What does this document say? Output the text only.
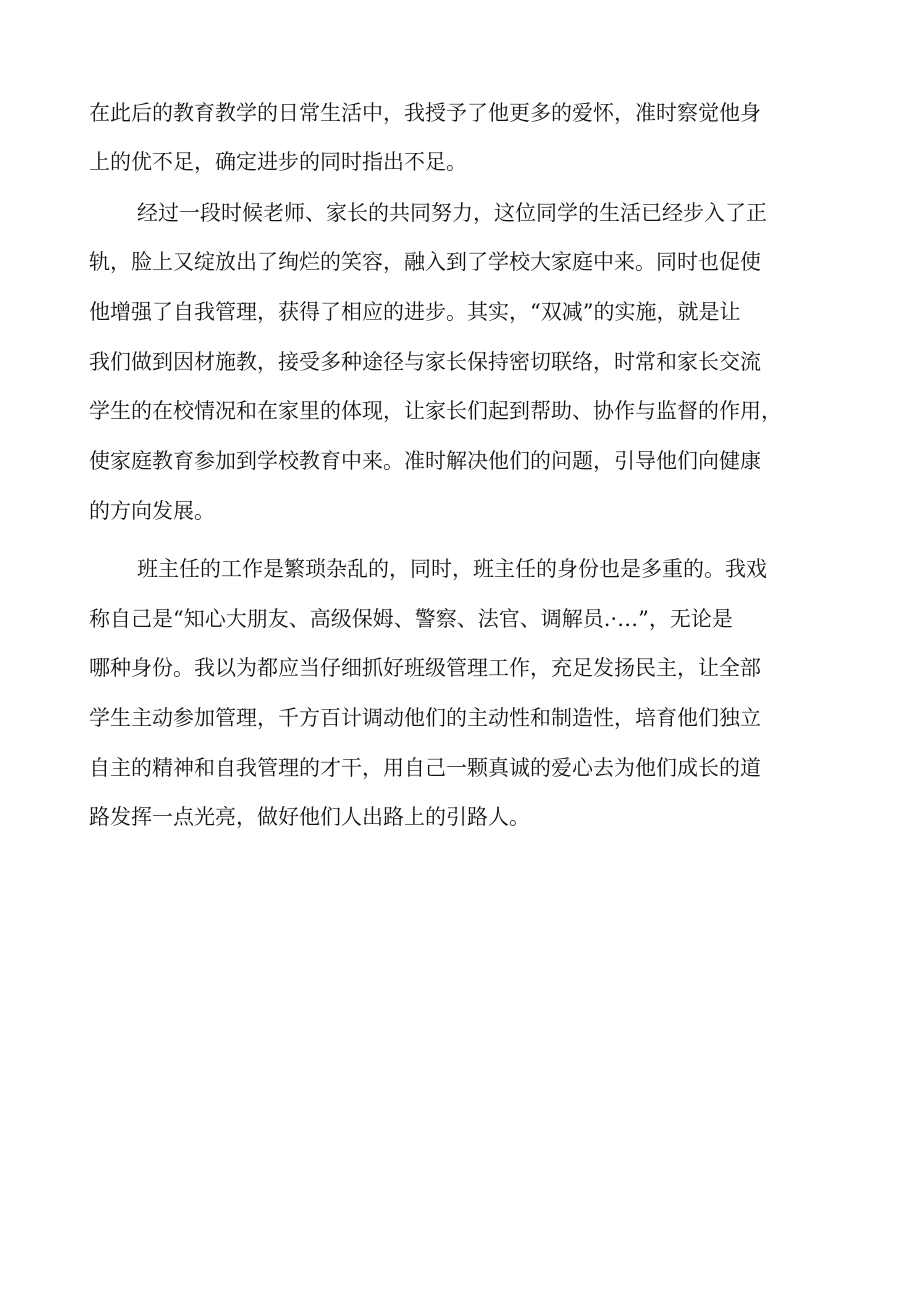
在此后的教育教学的日常生活中，我授予了他更多的爱怀，准时察觉他身
上的优不足，确定进步的同时指出不足。
经过一段时候老师、家长的共同努力，这位同学的生活已经步入了正
轨，脸上又绽放出了绚烂的笑容，融入到了学校大家庭中来。同时也促使
他增强了自我管理，获得了相应的进步。其实，“双减”的实施，就是让
我们做到因材施教，接受多种途径与家长保持密切联络，时常和家长交流
学生的在校情况和在家里的体现，让家长们起到帮助、协作与监督的作用，
使家庭教育参加到学校教育中来。准时解决他们的问题，引导他们向健康
的方向发展。
班主任的工作是繁琐杂乱的，同时，班主任的身份也是多重的。我戏
称自己是“知心大朋友、高级保姆、警察、法官、调解员.·…”，无论是
哪种身份。我以为都应当仔细抓好班级管理工作，充足发扬民主，让全部
学生主动参加管理，千方百计调动他们的主动性和制造性，培育他们独立
自主的精神和自我管理的才干，用自己一颗真诚的爱心去为他们成长的道
路发挥一点光亮，做好他们人出路上的引路人。
